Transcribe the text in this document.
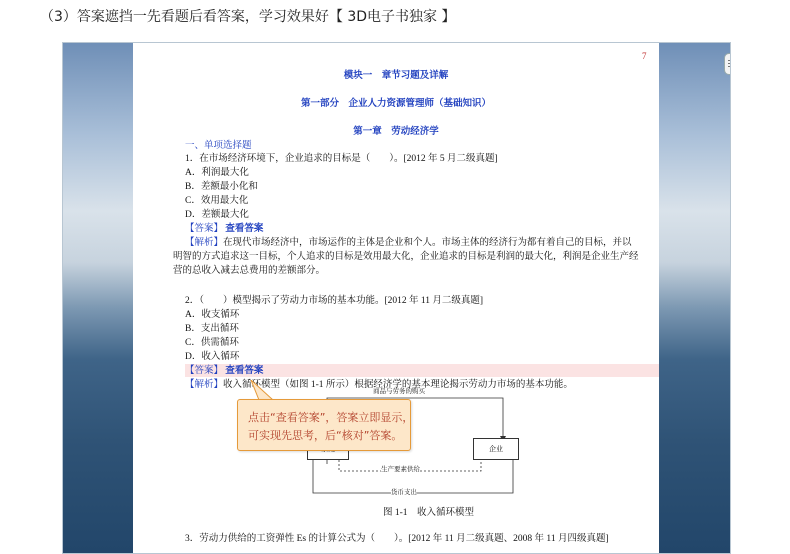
（3）答案遮挡一先看题后看答案，学习效果好【 3D电子书独家 】
7
模块一　章节习题及详解
第一部分　企业人力资源管理师（基础知识）
第一章　劳动经济学
一、单项选择题
1．在市场经济环境下，企业追求的目标是（　　）。[2012 年 5 月二级真题]
A．利润最大化
B．差额最小化和
C．效用最大化
D．差额最大化
【答案】 查看答案
【解析】在现代市场经济中，市场运作的主体是企业和个人。市场主体的经济行为都有着自己的目标，并以
明智的方式追求这一目标，个人追求的目标是效用最大化，企业追求的目标是利润的最大化，利润是企业生产经
营的总收入减去总费用的差额部分。
2．（　　）模型揭示了劳动力市场的基本功能。[2012 年 11 月二级真题]
A．收支循环
B．支出循环
C．供需循环
D．收入循环
【答案】 查看答案
【解析】收入循环模型（如图 1-1 所示）根据经济学的基本理论揭示劳动力市场的基本功能。
商品与劳务的购买
企业
生产要素供给
货币支出
图 1-1　收入循环模型
3．劳动力供给的工资弹性 Es 的计算公式为（　　）。[2012 年 11 月二级真题、2008 年 11 月四级真题]
点击“查看答案”，答案立即显示，
可实现先思考，后“核对”答案。
